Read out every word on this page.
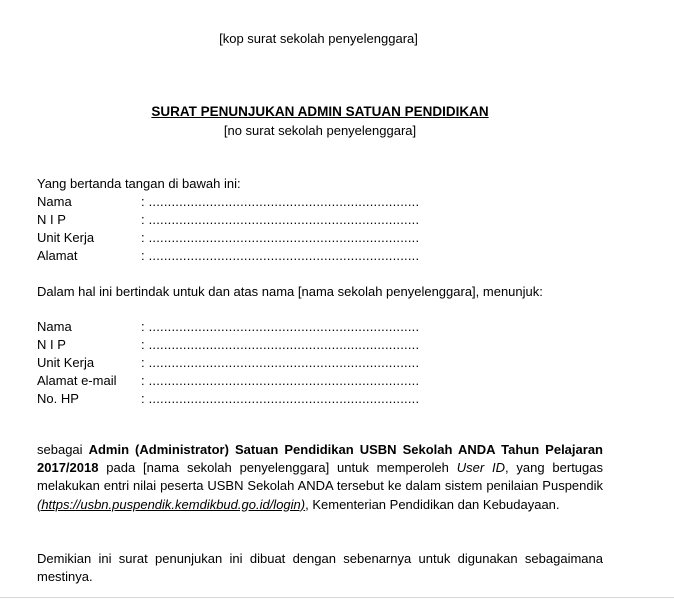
[kop surat sekolah penyelenggara]
SURAT PENUNJUKAN ADMIN SATUAN PENDIDIKAN
[no surat sekolah penyelenggara]
Yang bertanda tangan di bawah ini:
Nama	: .......................................................................
N I P	: .......................................................................
Unit Kerja	: .......................................................................
Alamat	: .......................................................................
Dalam hal ini bertindak untuk dan atas nama [nama sekolah penyelenggara], menunjuk:
Nama	: .......................................................................
N I P	: .......................................................................
Unit Kerja	: .......................................................................
Alamat e-mail : .......................................................................
No. HP	: .......................................................................
sebagai Admin (Administrator) Satuan Pendidikan USBN Sekolah ANDA Tahun Pelajaran 2017/2018 pada [nama sekolah penyelenggara] untuk memperoleh User ID, yang bertugas melakukan entri nilai peserta USBN Sekolah ANDA tersebut ke dalam sistem penilaian Puspendik (https://usbn.puspendik.kemdikbud.go.id/login), Kementerian Pendidikan dan Kebudayaan.
Demikian ini surat penunjukan ini dibuat dengan sebenarnya untuk digunakan sebagaimana mestinya.
